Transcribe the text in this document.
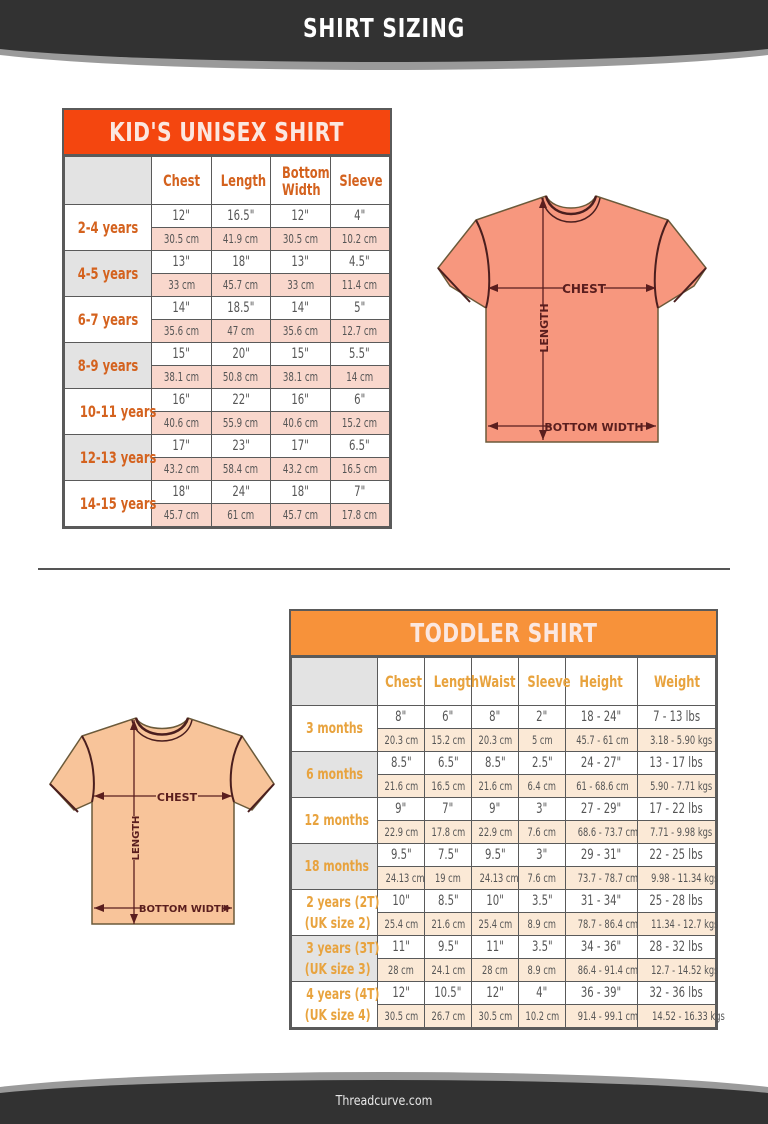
SHIRT SIZING
KID'S UNISEX SHIRT
	Chest	Length	Bottom Width	Sleeve
2-4 years	12"	16.5"	12"	4"
	30.5 cm	41.9 cm	30.5 cm	10.2 cm
4-5 years	13"	18"	13"	4.5"
	33 cm	45.7 cm	33 cm	11.4 cm
6-7 years	14"	18.5"	14"	5"
	35.6 cm	47 cm	35.6 cm	12.7 cm
8-9 years	15"	20"	15"	5.5"
	38.1 cm	50.8 cm	38.1 cm	14 cm
10-11 years	16"	22"	16"	6"
	40.6 cm	55.9 cm	40.6 cm	15.2 cm
12-13 years	17"	23"	17"	6.5"
	43.2 cm	58.4 cm	43.2 cm	16.5 cm
14-15 years	18"	24"	18"	7"
	45.7 cm	61 cm	45.7 cm	17.8 cm
CHEST
LENGTH
BOTTOM WIDTH
CHEST
LENGTH
BOTTOM WIDTH
TODDLER SHIRT
	Chest	Length	Waist	Sleeve	Height	Weight
3 months	8"	6"	8"	2"	18 - 24"	7 - 13 lbs
	20.3 cm	15.2 cm	20.3 cm	5 cm	45.7 - 61 cm	3.18 - 5.90 kgs
6 months	8.5"	6.5"	8.5"	2.5"	24 - 27"	13 - 17 lbs
	21.6 cm	16.5 cm	21.6 cm	6.4 cm	61 - 68.6 cm	5.90 - 7.71 kgs
12 months	9"	7"	9"	3"	27 - 29"	17 - 22 lbs
	22.9 cm	17.8 cm	22.9 cm	7.6 cm	68.6 - 73.7 cm	7.71 - 9.98 kgs
18 months	9.5"	7.5"	9.5"	3"	29 - 31"	22 - 25 lbs
	24.13 cm	19 cm	24.13 cm	7.6 cm	73.7 - 78.7 cm	9.98 - 11.34 kgs
2 years (2T)
(UK size 2)	10"	8.5"	10"	3.5"	31 - 34"	25 - 28 lbs
	25.4 cm	21.6 cm	25.4 cm	8.9 cm	78.7 - 86.4 cm	11.34 - 12.7 kgs
3 years (3T)
(UK size 3)	11"	9.5"	11"	3.5"	34 - 36"	28 - 32 lbs
	28 cm	24.1 cm	28 cm	8.9 cm	86.4 - 91.4 cm	12.7 - 14.52 kgs
4 years (4T)
(UK size 4)	12"	10.5"	12"	4"	36 - 39"	32 - 36 lbs
	30.5 cm	26.7 cm	30.5 cm	10.2 cm	91.4 - 99.1 cm	14.52 - 16.33 kgs
Threadcurve.com
